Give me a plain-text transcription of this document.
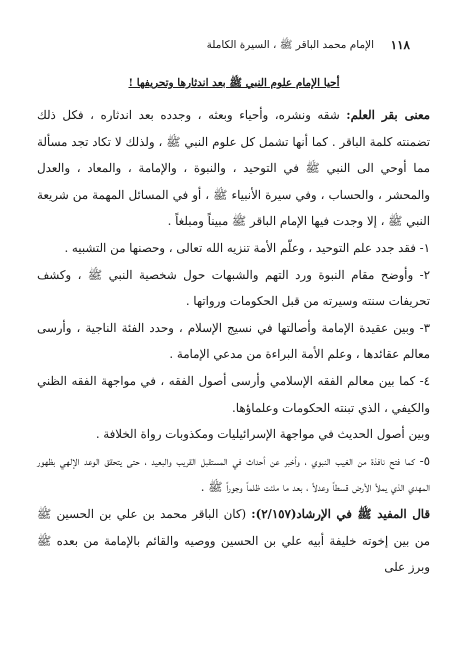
١١٨
الإمام محمد الباقر ﷺ ، السيرة الكاملة
أحيا الإمام علوم النبي ﷺ بعد اندثارها وتحريفها !

معنى بقر العلم: شقه ونشره، وأحياء وبعثه ، وجدده بعد اندثاره ، فكل ذلك تضمنته كلمة الباقر . كما أنها تشمل كل علوم النبي ﷺ ، ولذلك لا تكاد تجد مسألة مما أوحي الى النبي ﷺ في التوحيد ، والنبوة ، والإمامة ، والمعاد ، والعدل والمحشر ، والحساب ، وفي سيرة الأنبياء ﷺ ، أو في المسائل المهمة من شريعة النبي ﷺ ، إلا وجدت فيها الإمام الباقر ﷺ مبيناً ومبلغاً .

١- فقد جدد علم التوحيد ، وعلّم الأمة تنزيه الله تعالى ، وحصنها من التشبيه .

٢- وأوضح مقام النبوة ورد التهم والشبهات حول شخصية النبي ﷺ ، وكشف تحريفات سنته وسيرته من قبل الحكومات ورواتها .

٣- وبين عقيدة الإمامة وأصالتها في نسيج الإسلام ، وحدد الفئة الناجية ، وأرسى معالم عقائدها ، وعلم الأمة البراءة من مدعي الإمامة .

٤- كما بين معالم الفقه الإسلامي وأرسى أصول الفقه ، في مواجهة الفقه الظني والكيفي ، الذي تبنته الحكومات وعلماؤها.

وبين أصول الحديث في مواجهة الإسرائيليات ومكذوبات رواة الخلافة .

٥- كما فتح نافذة من الغيب النبوي ، وأخبر عن أحداث في المستقبل القريب والبعيد ، حتى يتحقق الوعد الإلهي بظهور المهدي الذي يملأ الأرض قسطاً وعدلاً ، بعد ما ملئت ظلماً وجوراً ﷺ .

قال المفيد ﷺ في الإرشاد(٢/١٥٧): (كان الباقر محمد بن علي بن الحسين ﷺ من بين إخوته خليفة أبيه علي بن الحسين ووصيه والقائم بالإمامة من بعده ﷺ وبرز على
